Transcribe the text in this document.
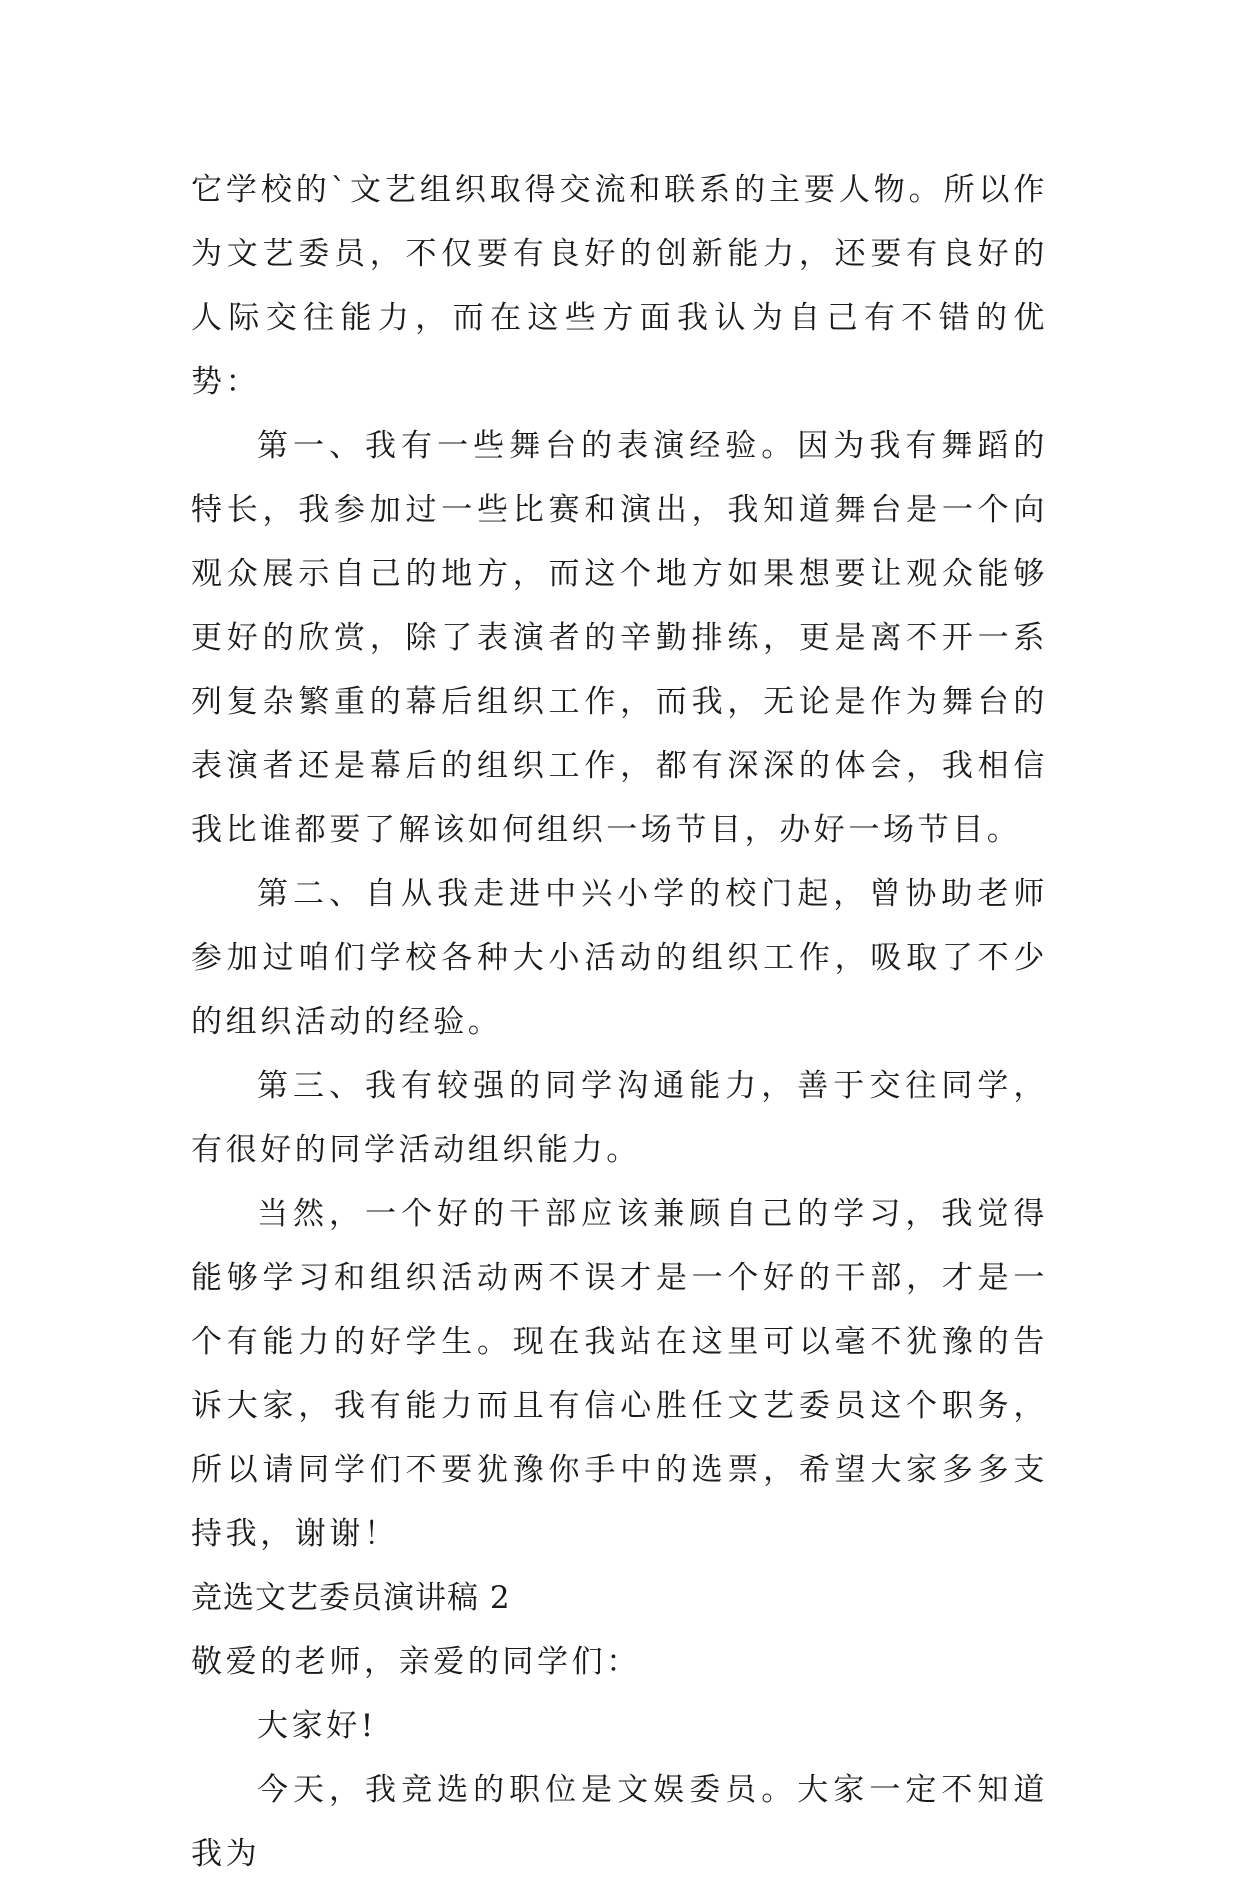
它学校的`文艺组织取得交流和联系的主要人物。所以作为文艺委员，不仅要有良好的创新能力，还要有良好的人际交往能力，而在这些方面我认为自己有不错的优势：

第一、我有一些舞台的表演经验。因为我有舞蹈的特长，我参加过一些比赛和演出，我知道舞台是一个向观众展示自己的地方，而这个地方如果想要让观众能够更好的欣赏，除了表演者的辛勤排练，更是离不开一系列复杂繁重的幕后组织工作，而我，无论是作为舞台的表演者还是幕后的组织工作，都有深深的体会，我相信我比谁都要了解该如何组织一场节目，办好一场节目。

第二、自从我走进中兴小学的校门起，曾协助老师参加过咱们学校各种大小活动的组织工作，吸取了不少的组织活动的经验。

第三、我有较强的同学沟通能力，善于交往同学，有很好的同学活动组织能力。

当然，一个好的干部应该兼顾自己的学习，我觉得能够学习和组织活动两不误才是一个好的干部，才是一个有能力的好学生。现在我站在这里可以毫不犹豫的告诉大家，我有能力而且有信心胜任文艺委员这个职务，所以请同学们不要犹豫你手中的选票，希望大家多多支持我，谢谢！

竞选文艺委员演讲稿 2

敬爱的老师，亲爱的同学们：

大家好!

今天，我竞选的职位是文娱委员。大家一定不知道我为
